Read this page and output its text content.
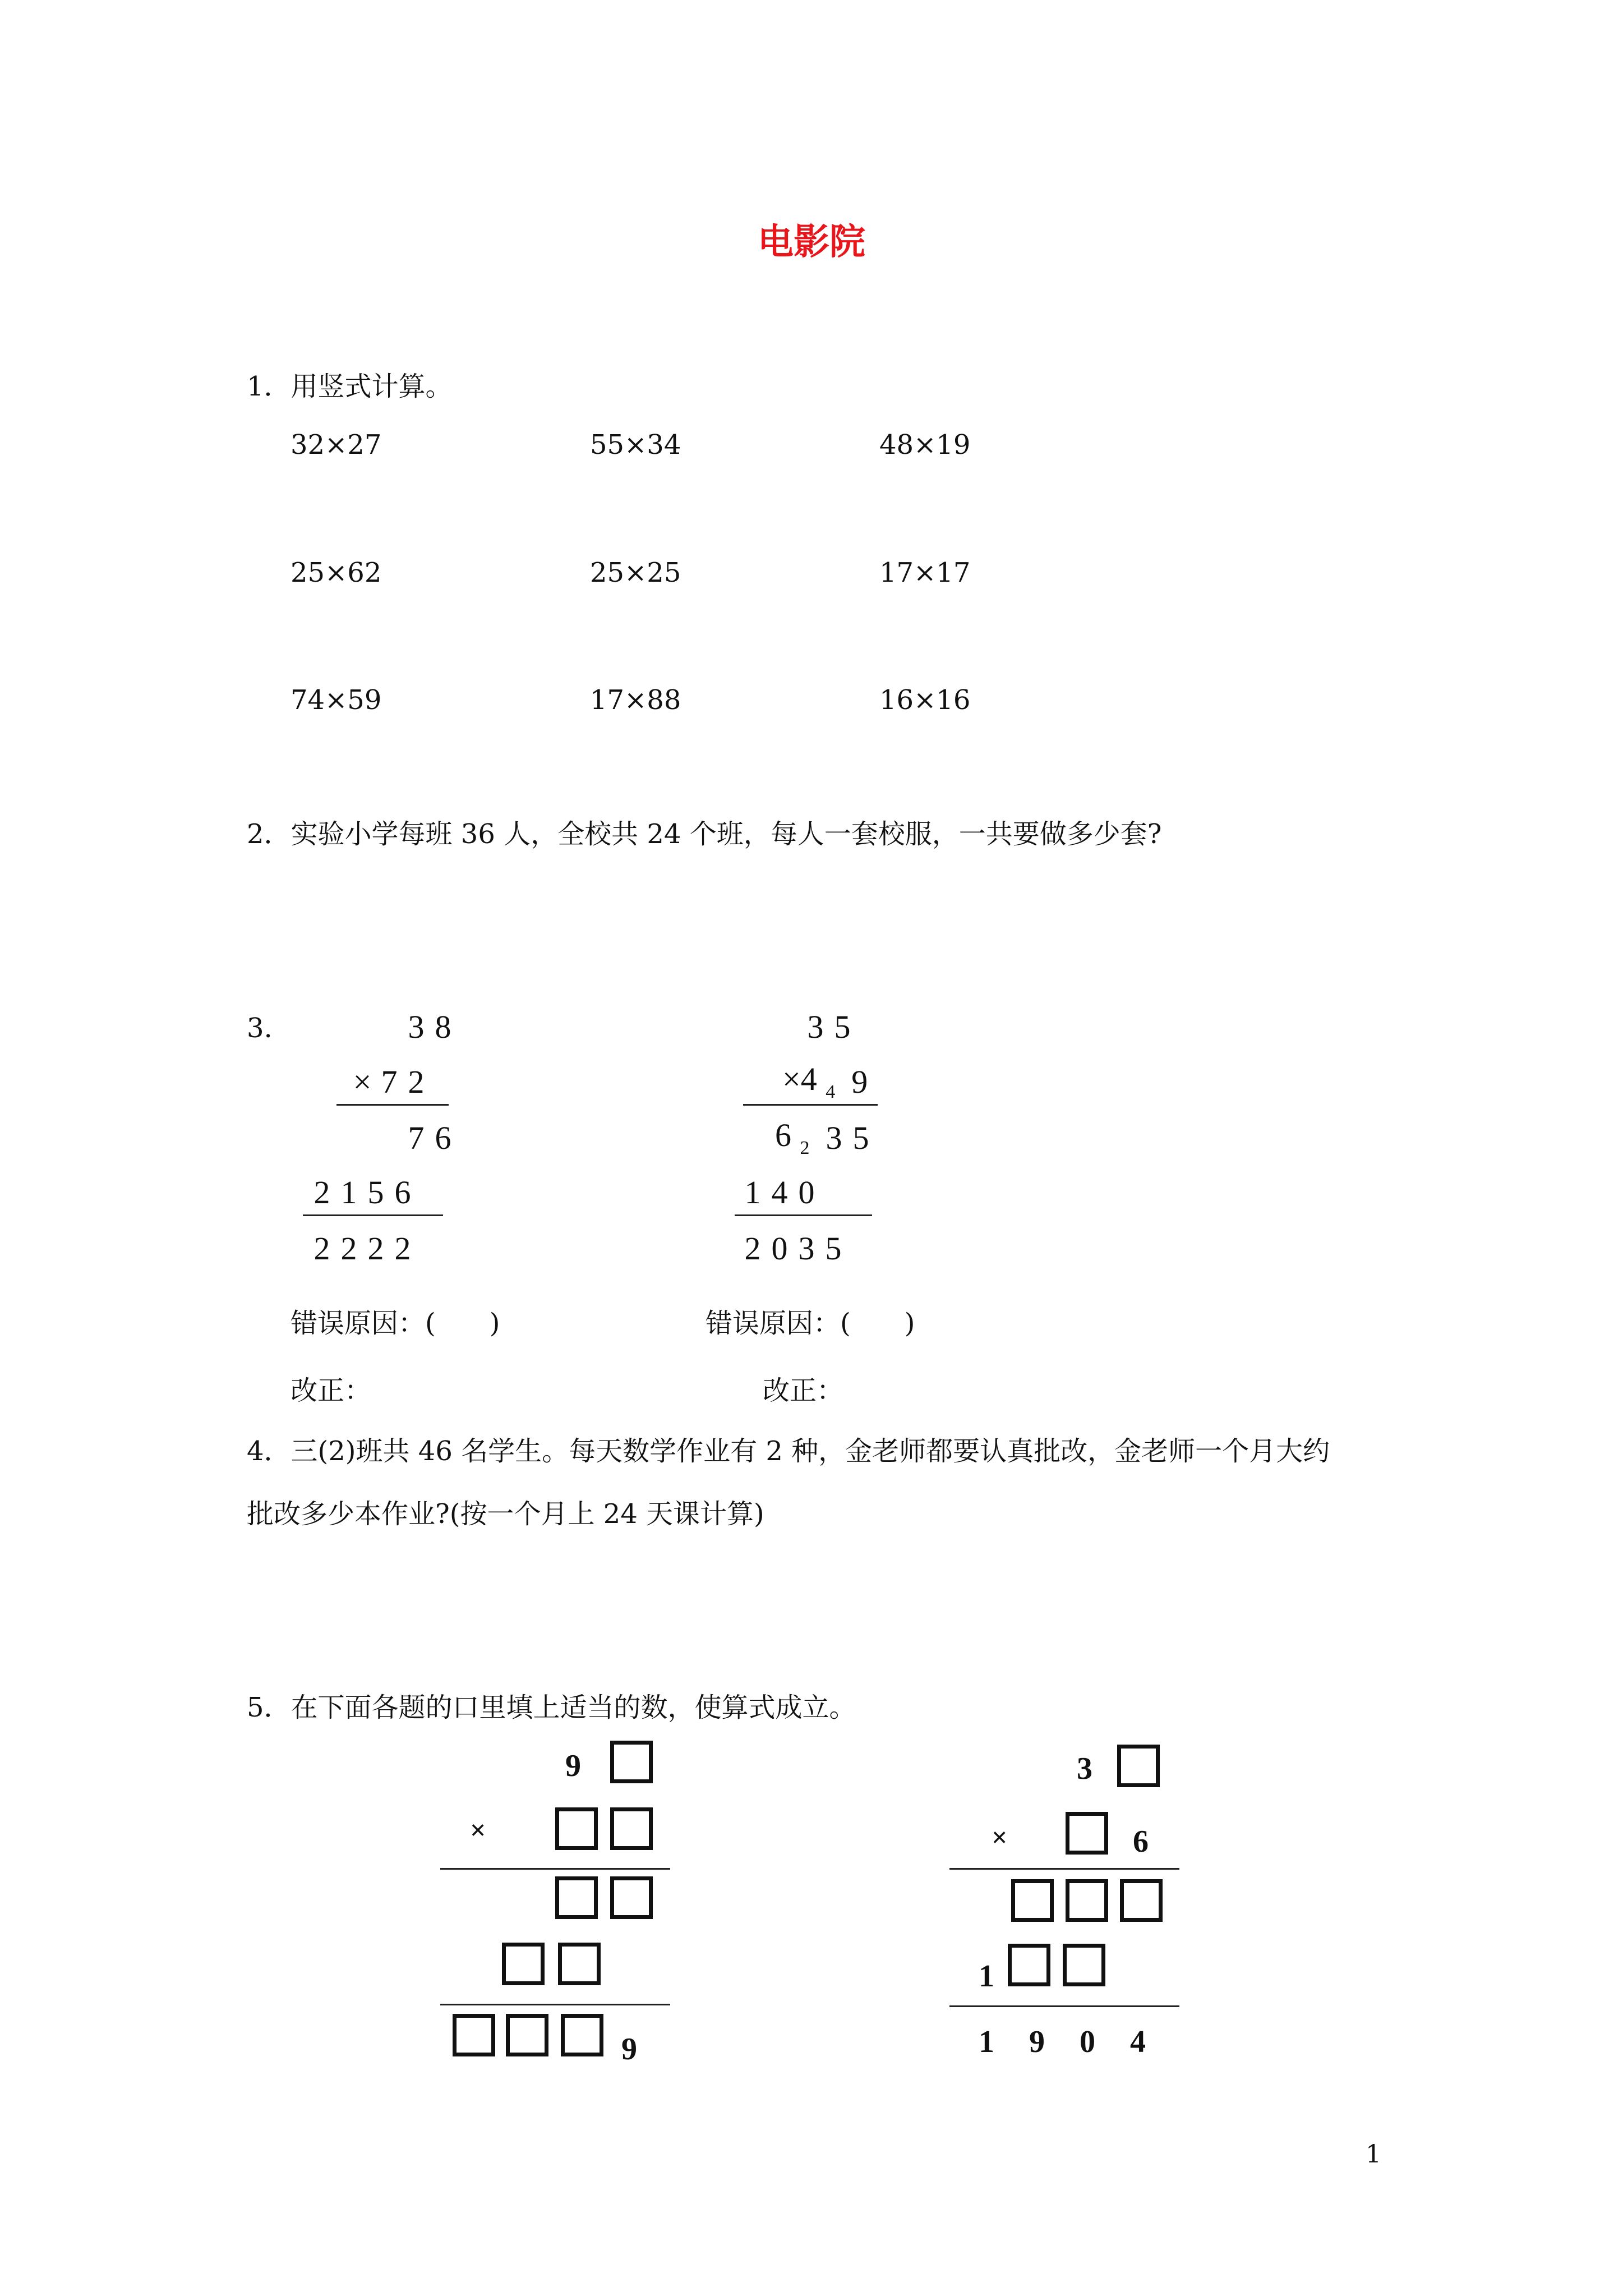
电影院
1．用竖式计算。
32×27	55×34	48×19
25×62	25×25	17×17
74×59	17×88	16×16
2．实验小学每班 36 人，全校共 24 个班，每人一套校服，一共要做多少套?
3.	3 8
× 7 2
7 6
2 1 5 6
2 2 2 2
错误原因：(　　)
改正：
3 5
×4 4 9
6 2 3 5
1 4 0
2 0 3 5
错误原因：(　　)
改正：
4．三(2)班共 46 名学生。每天数学作业有 2 种，金老师都要认真批改，金老师一个月大约
批改多少本作业?(按一个月上 24 天课计算)
5．在下面各题的口里填上适当的数，使算式成立。
9
×
9
3
×	6
1
1 9 0 4
1
